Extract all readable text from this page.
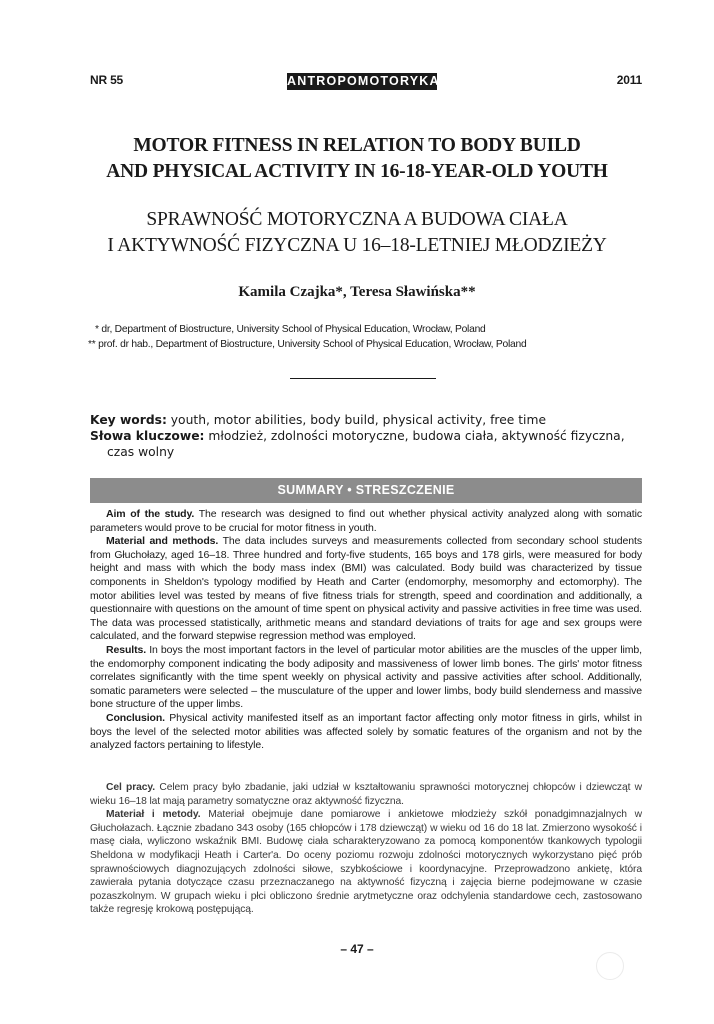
NR 55	ANTROPOMOTORYKA	2011
MOTOR FITNESS IN RELATION TO BODY BUILD
AND PHYSICAL ACTIVITY IN 16-18-YEAR-OLD YOUTH
SPRAWNOŚĆ MOTORYCZNA A BUDOWA CIAŁA
I AKTYWNOŚĆ FIZYCZNA U 16–18-LETNIEJ MŁODZIEŻY
Kamila Czajka*, Teresa Sławińska**
* dr, Department of Biostructure, University School of Physical Education, Wrocław, Poland
** prof. dr hab., Department of Biostructure, University School of Physical Education, Wrocław, Poland
Key words: youth, motor abilities, body build, physical activity, free time
Słowa kluczowe: młodzież, zdolności motoryczne, budowa ciała, aktywność fizyczna,
czas wolny
SUMMARY • STRESZCZENIE

Aim of the study. The research was designed to find out whether physical activity analyzed along with somatic parameters would prove to be crucial for motor fitness in youth.

Material and methods. The data includes surveys and measurements collected from secondary school students from Głuchołazy, aged 16–18. Three hundred and forty-five students, 165 boys and 178 girls, were measured for body height and mass with which the body mass index (BMI) was calculated. Body build was characterized by tissue components in Sheldon's typology modified by Heath and Carter (endomorphy, mesomorphy and ectomorphy). The motor abilities level was tested by means of five fitness trials for strength, speed and coordination and additionally, a questionnaire with questions on the amount of time spent on physical activity and passive activities in free time was used. The data was processed statistically, arithmetic means and standard deviations of traits for age and sex groups were calculated, and the forward stepwise regression method was employed.

Results. In boys the most important factors in the level of particular motor abilities are the muscles of the upper limb, the endomorphy component indicating the body adiposity and massiveness of lower limb bones. The girls' motor fitness correlates significantly with the time spent weekly on physical activity and passive activities after school. Additionally, somatic parameters were selected – the musculature of the upper and lower limbs, body build slenderness and massive bone structure of the upper limbs.

Conclusion. Physical activity manifested itself as an important factor affecting only motor fitness in girls, whilst in boys the level of the selected motor abilities was affected solely by somatic features of the organism and not by the analyzed factors pertaining to lifestyle.

Cel pracy. Celem pracy było zbadanie, jaki udział w kształtowaniu sprawności motorycznej chłopców i dziewcząt w wieku 16–18 lat mają parametry somatyczne oraz aktywność fizyczna.

Materiał i metody. Materiał obejmuje dane pomiarowe i ankietowe młodzieży szkół ponadgimnazjalnych w Głuchołazach. Łącznie zbadano 343 osoby (165 chłopców i 178 dziewcząt) w wieku od 16 do 18 lat. Zmierzono wysokość i masę ciała, wyliczono wskaźnik BMI. Budowę ciała scharakteryzowano za pomocą komponentów tkankowych typologii Sheldona w modyfikacji Heath i Carter'a. Do oceny poziomu rozwoju zdolności motorycznych wykorzystano pięć prób sprawnościowych diagnozujących zdolności siłowe, szybkościowe i koordynacyjne. Przeprowadzono ankietę, która zawierała pytania dotyczące czasu przeznaczanego na aktywność fizyczną i zajęcia bierne podejmowane w czasie pozaszkolnym. W grupach wieku i płci obliczono średnie arytmetyczne oraz odchylenia standardowe cech, zastosowano także regresję krokową postępującą.

– 47 –
